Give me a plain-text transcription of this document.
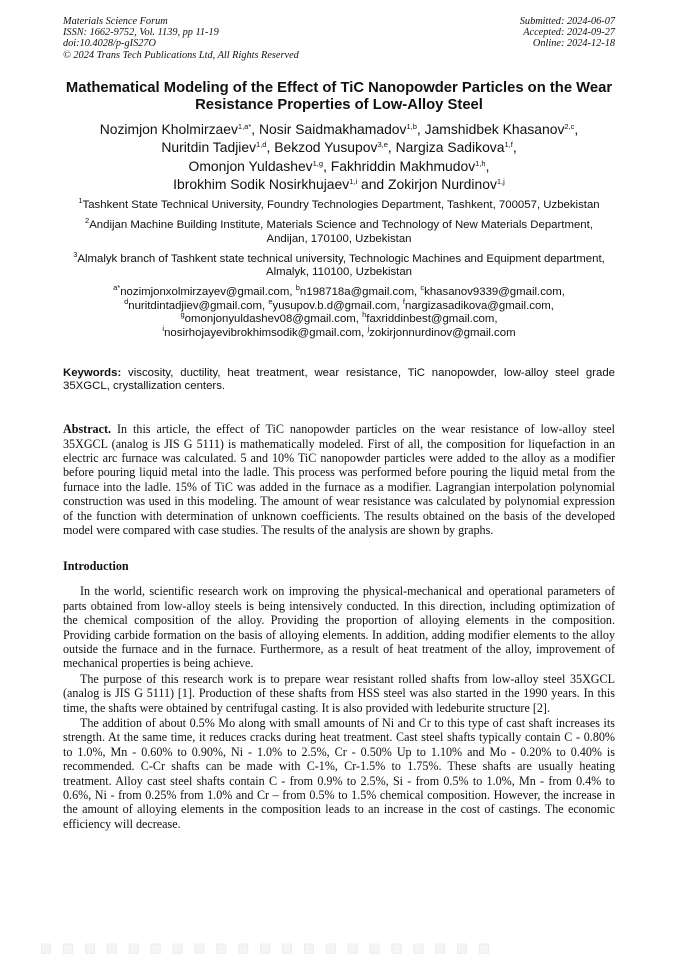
Materials Science Forum
ISSN: 1662-9752, Vol. 1139, pp 11-19
doi:10.4028/p-gIS27O
© 2024 Trans Tech Publications Ltd, All Rights Reserved
Submitted: 2024-06-07
Accepted: 2024-09-27
Online: 2024-12-18
Mathematical Modeling of the Effect of TiC Nanopowder Particles on the Wear Resistance Properties of Low-Alloy Steel
Nozimjon Kholmirzaev$^{1,a*}$, Nosir Saidmakhamadov$^{1,b}$, Jamshidbek Khasanov$^{2,c}$,
Nuritdin Tadjiev$^{1,d}$, Bekzod Yusupov$^{3,e}$, Nargiza Sadikova$^{1,f}$,
Omonjon Yuldashev$^{1,g}$, Fakhriddin Makhmudov$^{1,h}$,
Ibrokhim Sodik Nosirkhujaev$^{1,i}$ and Zokirjon Nurdinov$^{1,j}$
$^1$Tashkent State Technical University, Foundry Technologies Department, Tashkent, 700057, Uzbekistan
$^2$Andijan Machine Building Institute, Materials Science and Technology of New Materials Department, Andijan, 170100, Uzbekistan
$^3$Almalyk branch of Tashkent state technical university, Technologic Machines and Equipment department, Almalyk, 110100, Uzbekistan
$^{a*}$nozimjonxolmirzayev@gmail.com, $^b$n198718a@gmail.com, $^c$khasanov9339@gmail.com,
$^d$nuritdintadjiev@gmail.com, $^e$yusupov.b.d@gmail.com, $^f$nargizasadikova@gmail.com,
$^g$omonjonyuldashev08@gmail.com, $^h$faxriddinbest@gmail.com,
$^i$nosirhojayevibrokhimsodik@gmail.com, $^j$zokirjonnurdinov@gmail.com
Keywords: viscosity, ductility, heat treatment, wear resistance, TiC nanopowder, low-alloy steel grade 35XGCL, crystallization centers.
Abstract. In this article, the effect of TiC nanopowder particles on the wear resistance of low-alloy steel 35XGCL (analog is JIS G 5111) is mathematically modeled. First of all, the composition for liquefaction in an electric arc furnace was calculated. 5 and 10% TiC nanopowder particles were added to the alloy as a modifier before pouring liquid metal into the ladle. This process was performed before pouring the liquid metal from the furnace into the ladle. 15% of TiC was added in the furnace as a modifier. Lagrangian interpolation polynomial construction was used in this modeling. The amount of wear resistance was calculated by polynomial expression of the function with determination of unknown coefficients. The results obtained on the basis of the developed model were compared with case studies. The results of the analysis are shown by graphs.
Introduction
In the world, scientific research work on improving the physical-mechanical and operational parameters of parts obtained from low-alloy steels is being intensively conducted. In this direction, including optimization of the chemical composition of the alloy. Providing the proportion of alloying elements in the composition. Providing carbide formation on the basis of alloying elements. In addition, adding modifier elements to the alloy outside the furnace and in the furnace. Furthermore, as a result of heat treatment of the alloy, improvement of mechanical properties is being achieve.
The purpose of this research work is to prepare wear resistant rolled shafts from low-alloy steel 35XGCL (analog is JIS G 5111) [1]. Production of these shafts from HSS steel was also started in the 1990 years. In this time, the shafts were obtained by centrifugal casting. It is also provided with ledeburite structure [2].
The addition of about 0.5% Mo along with small amounts of Ni and Cr to this type of cast shaft increases its strength. At the same time, it reduces cracks during heat treatment. Cast steel shafts typically contain C - 0.80% to 1.0%, Mn - 0.60% to 0.90%, Ni - 1.0% to 2.5%, Cr - 0.50% Up to 1.10% and Mo - 0.20% to 0.40% is recommended. C-Cr shafts can be made with C-1%, Cr-1.5% to 1.75%. These shafts are usually heating treatment. Alloy cast steel shafts contain C - from 0.9% to 2.5%, Si - from 0.5% to 1.0%, Mn - from 0.4% to 0.6%, Ni - from 0.25% from 1.0% and Cr – from 0.5% to 1.5% chemical composition. However, the increase in the amount of alloying elements in the composition leads to an increase in the cost of castings. The economic efficiency will decrease.
▨ ▨ ▨ ▨ ▨ ▨ ▨ ▨ ▨ ▨ ▨ ▨ ▨ ▨ ▨ ▨ ▨ ▨ ▨ ▨ ▨
